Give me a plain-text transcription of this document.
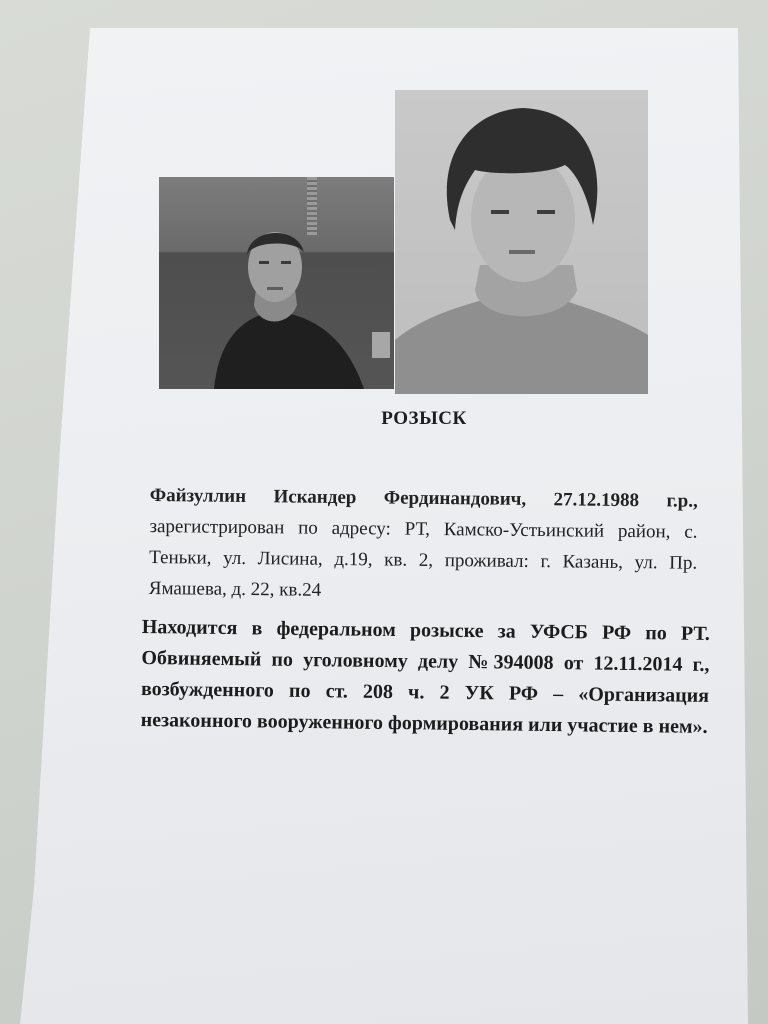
РОЗЫСК
Файзуллин Искандер Фердинандович, 27.12.1988 г.р., зарегистрирован по адресу: РТ, Камско-Устьинский район, с. Теньки, ул. Лисина, д.19, кв. 2, проживал: г. Казань, ул. Пр. Ямашева, д. 22, кв.24
Находится в федеральном розыске за УФСБ РФ по РТ. Обвиняемый по уголовному делу №394008 от 12.11.2014 г., возбужденного по ст. 208 ч. 2 УК РФ – «Организация незаконного вооруженного формирования или участие в нем».
